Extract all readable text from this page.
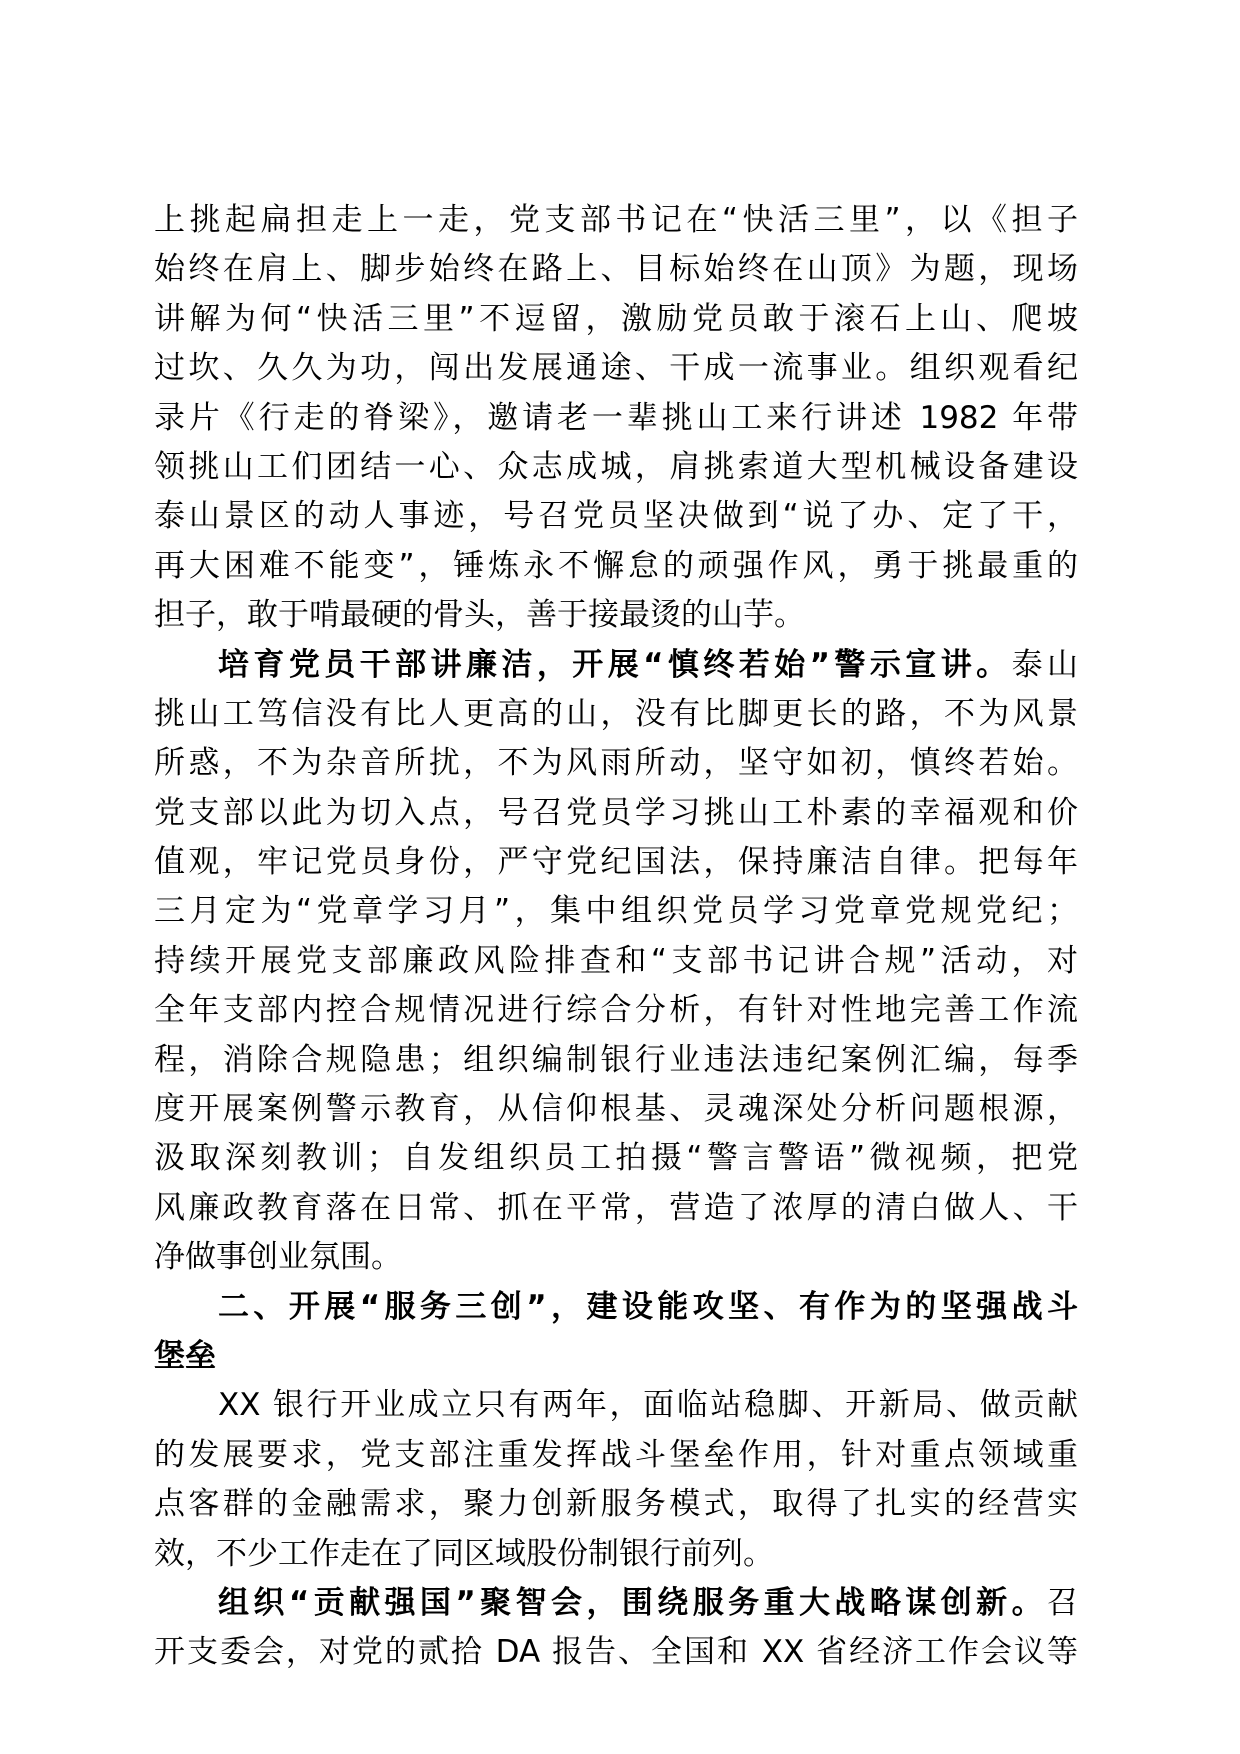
上挑起扁担走上一走，党支部书记在“快活三里”，以《担子
始终在肩上、脚步始终在路上、目标始终在山顶》为题，现场
讲解为何“快活三里”不逗留，激励党员敢于滚石上山、爬坡
过坎、久久为功，闯出发展通途、干成一流事业。组织观看纪
录片《行走的脊梁》，邀请老一辈挑山工来行讲述 1982 年带
领挑山工们团结一心、众志成城，肩挑索道大型机械设备建设
泰山景区的动人事迹，号召党员坚决做到“说了办、定了干，
再大困难不能变”，锤炼永不懈怠的顽强作风，勇于挑最重的
担子，敢于啃最硬的骨头，善于接最烫的山芋。
培育党员干部讲廉洁，开展“慎终若始”警示宣讲。泰山
挑山工笃信没有比人更高的山，没有比脚更长的路，不为风景
所惑，不为杂音所扰，不为风雨所动，坚守如初，慎终若始。
党支部以此为切入点，号召党员学习挑山工朴素的幸福观和价
值观，牢记党员身份，严守党纪国法，保持廉洁自律。把每年
三月定为“党章学习月”，集中组织党员学习党章党规党纪；
持续开展党支部廉政风险排查和“支部书记讲合规”活动，对
全年支部内控合规情况进行综合分析，有针对性地完善工作流
程，消除合规隐患；组织编制银行业违法违纪案例汇编，每季
度开展案例警示教育，从信仰根基、灵魂深处分析问题根源，
汲取深刻教训；自发组织员工拍摄“警言警语”微视频，把党
风廉政教育落在日常、抓在平常，营造了浓厚的清白做人、干
净做事创业氛围。
二、开展“服务三创”，建设能攻坚、有作为的坚强战斗
堡垒
XX 银行开业成立只有两年，面临站稳脚、开新局、做贡献
的发展要求，党支部注重发挥战斗堡垒作用，针对重点领域重
点客群的金融需求，聚力创新服务模式，取得了扎实的经营实
效，不少工作走在了同区域股份制银行前列。
组织“贡献强国”聚智会，围绕服务重大战略谋创新。召
开支委会，对党的贰拾 DA 报告、全国和 XX 省经济工作会议等
